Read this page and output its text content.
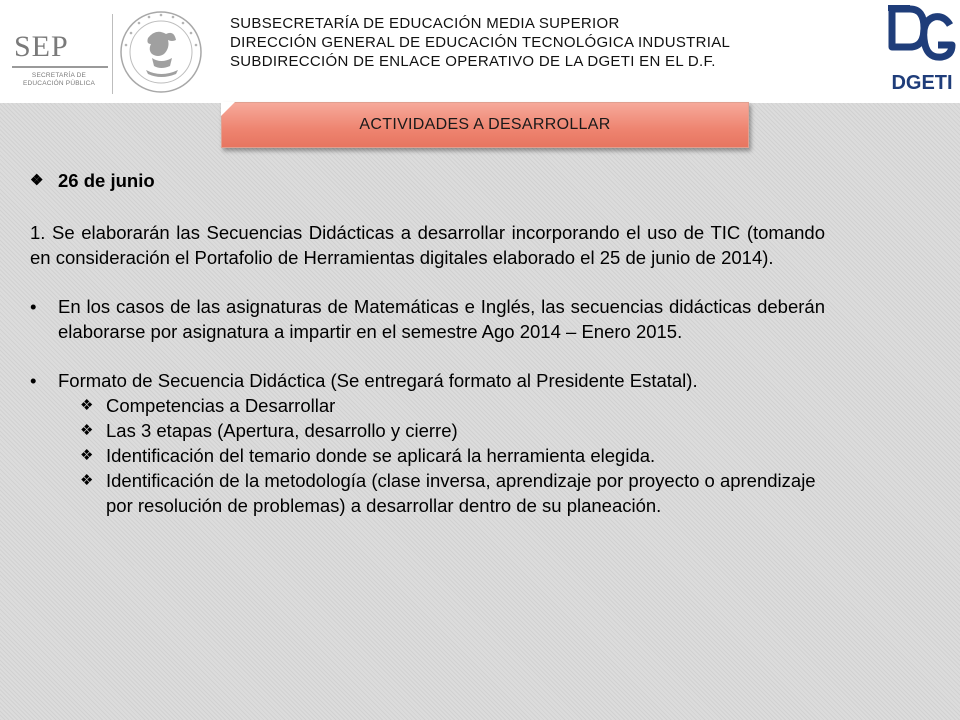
SEP
SECRETARÍA DE
EDUCACIÓN PÚBLICA
SUBSECRETARÍA DE EDUCACIÓN MEDIA SUPERIOR
DIRECCIÓN GENERAL DE EDUCACIÓN TECNOLÓGICA INDUSTRIAL
SUBDIRECCIÓN DE ENLACE OPERATIVO DE LA DGETI EN EL D.F.
DGETI
ACTIVIDADES A DESARROLLAR
❖ 26 de junio
1. Se elaborarán las Secuencias Didácticas a desarrollar incorporando el uso de TIC (tomando en consideración el Portafolio de Herramientas digitales elaborado el 25 de junio de 2014).
• En los casos de las asignaturas de Matemáticas e Inglés, las secuencias didácticas deberán elaborarse por asignatura a impartir en el semestre Ago 2014 – Enero 2015.
• Formato de Secuencia Didáctica (Se entregará formato al Presidente Estatal).
❖ Competencias a Desarrollar
❖ Las 3 etapas (Apertura, desarrollo y cierre)
❖ Identificación del temario donde se aplicará la herramienta elegida.
❖ Identificación de la metodología (clase inversa, aprendizaje por proyecto o aprendizaje por resolución de problemas) a desarrollar dentro de su planeación.
